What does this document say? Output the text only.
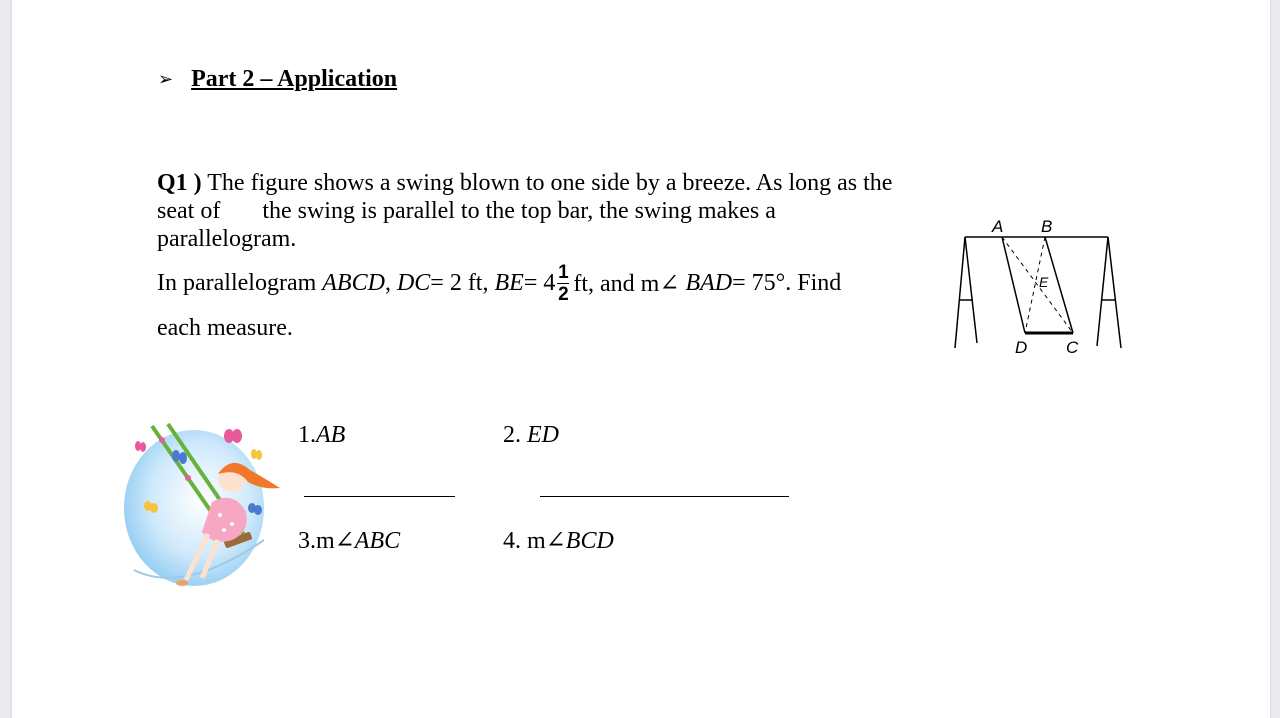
➢ Part 2 – Application
Q1 ) The figure shows a swing blown to one side by a breeze. As long as the seat of the swing is parallel to the top bar, the swing makes a parallelogram.
In parallelogram
ABCD , DC = 2 ft,
BE = $4 \frac{1}{2}$ ft, and m∠
BAD = 75°. Find
each measure.
A B
E
D C
1.AB	2. ED
3.m∠ABC	4. m∠BCD
